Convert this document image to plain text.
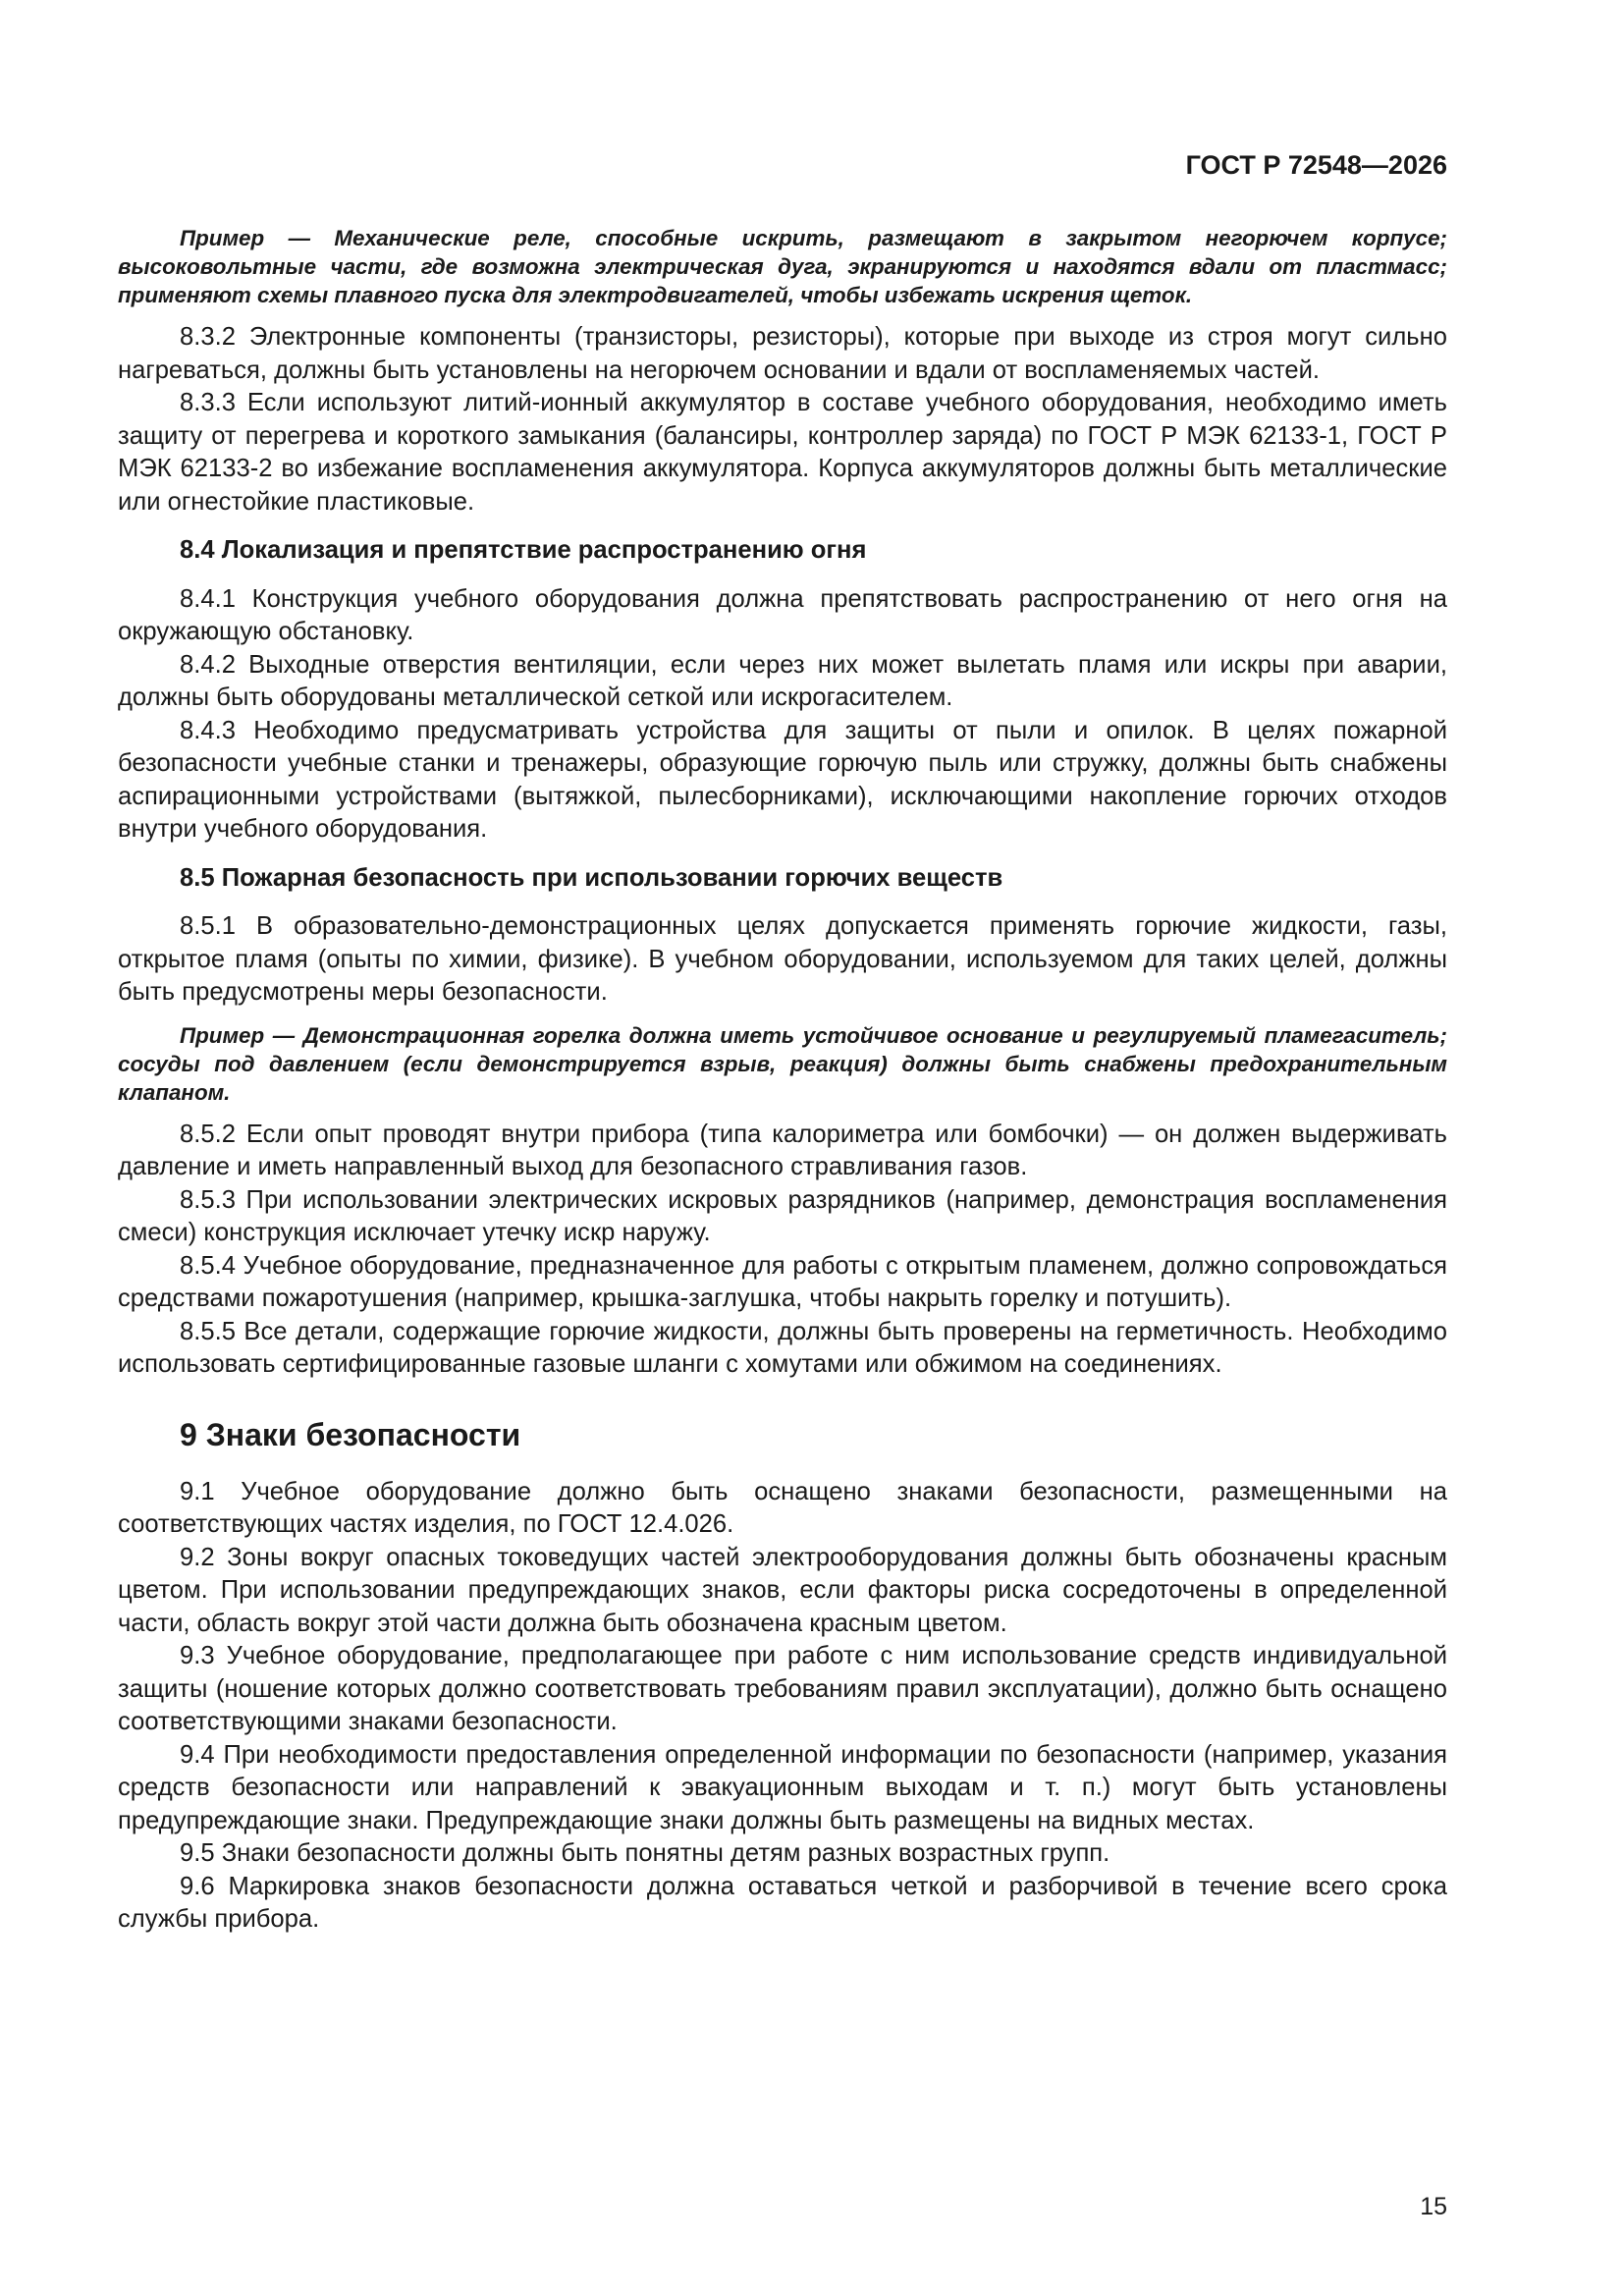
ГОСТ Р 72548—2026

Пример — Механические реле, способные искрить, размещают в закрытом негорючем корпусе; высоковольтные части, где возможна электрическая дуга, экранируются и находятся вдали от пластмасс; применяют схемы плавного пуска для электродвигателей, чтобы избежать искрения щеток.

8.3.2 Электронные компоненты (транзисторы, резисторы), которые при выходе из строя могут сильно нагреваться, должны быть установлены на негорючем основании и вдали от воспламеняемых частей.

8.3.3 Если используют литий-ионный аккумулятор в составе учебного оборудования, необходимо иметь защиту от перегрева и короткого замыкания (балансиры, контроллер заряда) по ГОСТ Р МЭК 62133-1, ГОСТ Р МЭК 62133-2 во избежание воспламенения аккумулятора. Корпуса аккумуляторов должны быть металлические или огнестойкие пластиковые.

8.4 Локализация и препятствие распространению огня

8.4.1 Конструкция учебного оборудования должна препятствовать распространению от него огня на окружающую обстановку.

8.4.2 Выходные отверстия вентиляции, если через них может вылетать пламя или искры при аварии, должны быть оборудованы металлической сеткой или искрогасителем.

8.4.3 Необходимо предусматривать устройства для защиты от пыли и опилок. В целях пожарной безопасности учебные станки и тренажеры, образующие горючую пыль или стружку, должны быть снабжены аспирационными устройствами (вытяжкой, пылесборниками), исключающими накопление горючих отходов внутри учебного оборудования.

8.5 Пожарная безопасность при использовании горючих веществ

8.5.1 В образовательно-демонстрационных целях допускается применять горючие жидкости, газы, открытое пламя (опыты по химии, физике). В учебном оборудовании, используемом для таких целей, должны быть предусмотрены меры безопасности.

Пример — Демонстрационная горелка должна иметь устойчивое основание и регулируемый пламегаситель; сосуды под давлением (если демонстрируется взрыв, реакция) должны быть снабжены предохранительным клапаном.

8.5.2 Если опыт проводят внутри прибора (типа калориметра или бомбочки) — он должен выдерживать давление и иметь направленный выход для безопасного стравливания газов.

8.5.3 При использовании электрических искровых разрядников (например, демонстрация воспламенения смеси) конструкция исключает утечку искр наружу.

8.5.4 Учебное оборудование, предназначенное для работы с открытым пламенем, должно сопровождаться средствами пожаротушения (например, крышка-заглушка, чтобы накрыть горелку и потушить).

8.5.5 Все детали, содержащие горючие жидкости, должны быть проверены на герметичность. Необходимо использовать сертифицированные газовые шланги с хомутами или обжимом на соединениях.

9 Знаки безопасности

9.1 Учебное оборудование должно быть оснащено знаками безопасности, размещенными на соответствующих частях изделия, по ГОСТ 12.4.026.

9.2 Зоны вокруг опасных токоведущих частей электрооборудования должны быть обозначены красным цветом. При использовании предупреждающих знаков, если факторы риска сосредоточены в определенной части, область вокруг этой части должна быть обозначена красным цветом.

9.3 Учебное оборудование, предполагающее при работе с ним использование средств индивидуальной защиты (ношение которых должно соответствовать требованиям правил эксплуатации), должно быть оснащено соответствующими знаками безопасности.

9.4 При необходимости предоставления определенной информации по безопасности (например, указания средств безопасности или направлений к эвакуационным выходам и т. п.) могут быть установлены предупреждающие знаки. Предупреждающие знаки должны быть размещены на видных местах.

9.5 Знаки безопасности должны быть понятны детям разных возрастных групп.

9.6 Маркировка знаков безопасности должна оставаться четкой и разборчивой в течение всего срока службы прибора.

15
